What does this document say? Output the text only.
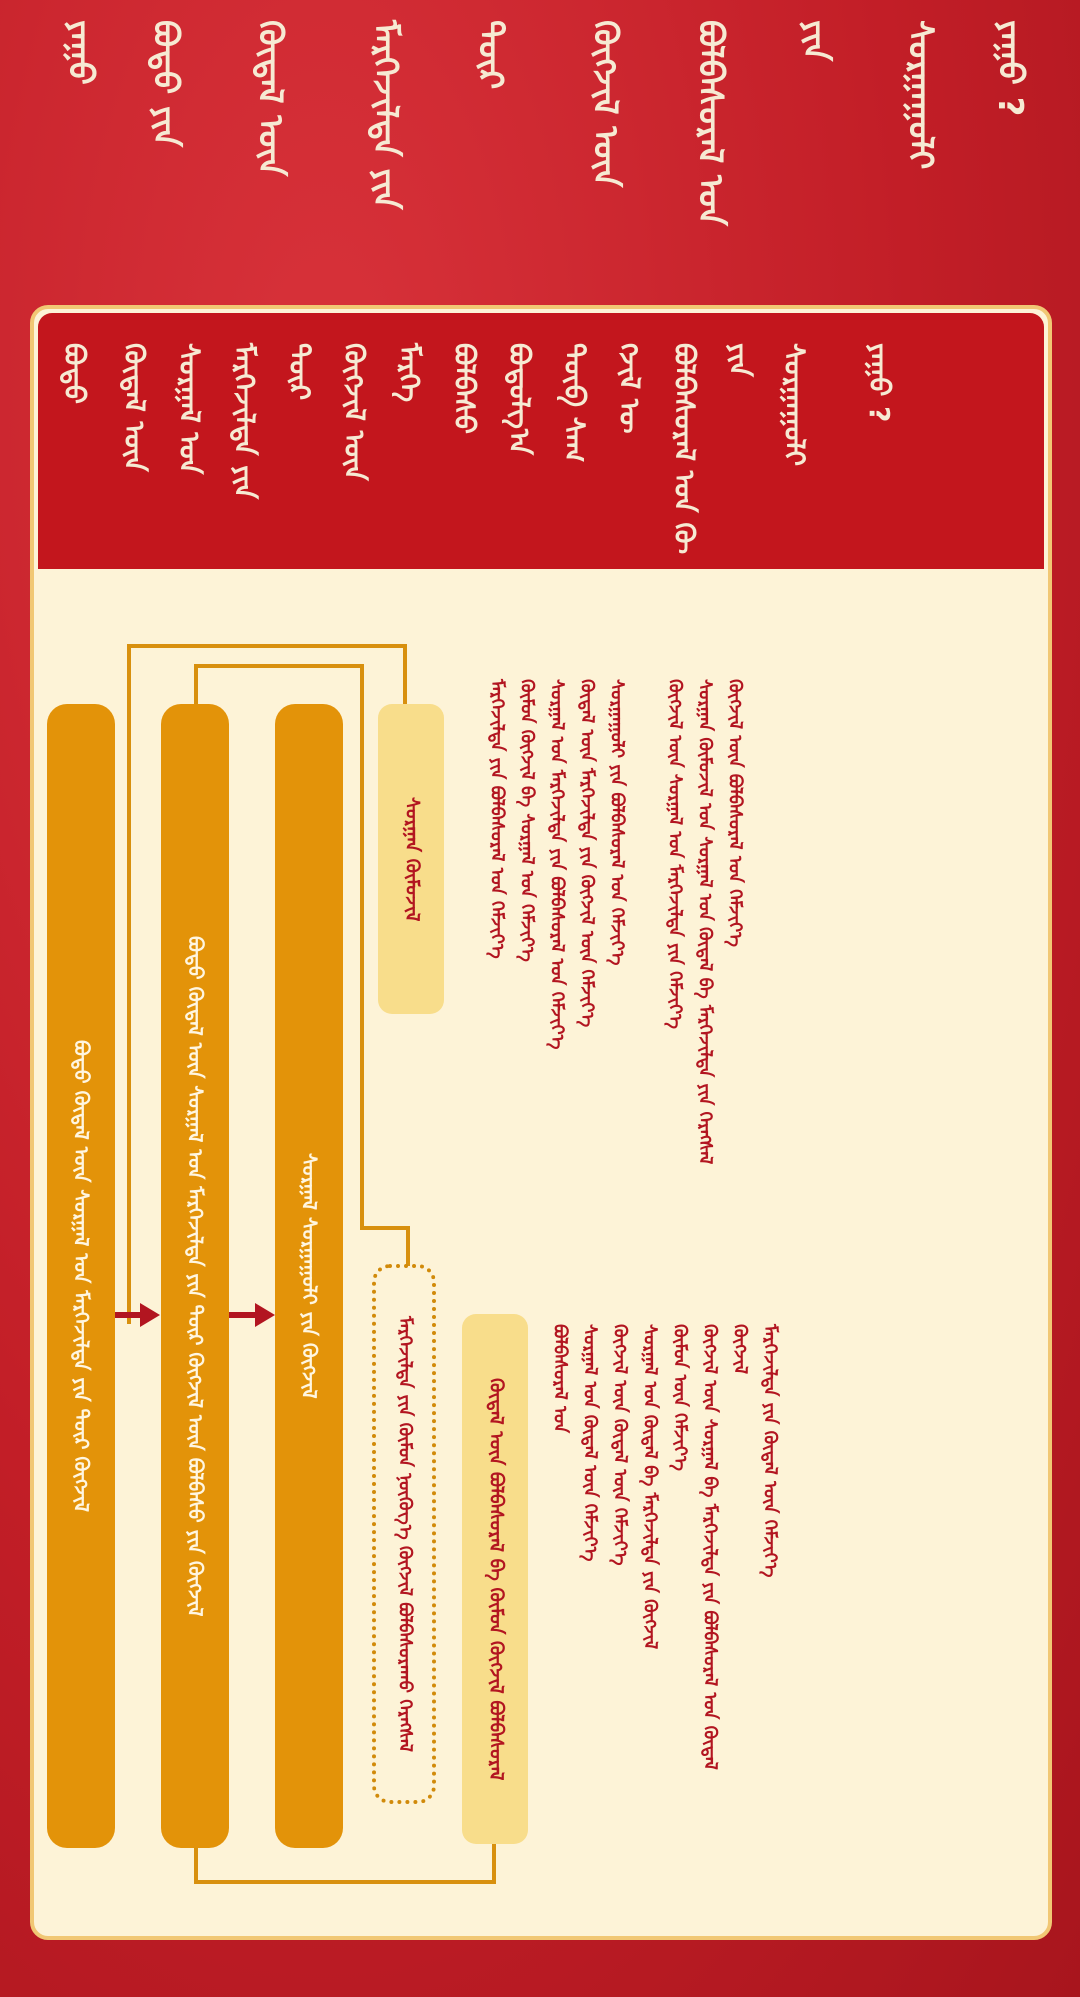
ᠶᠠᠭᠤ ᠪᠣᠳᠣ ᠶᠢᠨ ᠬᠥᠲᠡᠯ ᠦᠨ ᠮᠡᠷᠭᠡᠵᠢᠯᠲᠡ ᠶᠢᠨ ᠲᠦᠷ ᠬᠥᠭᠵᠢᠯ ᠦᠨ ᠪᠣᠯᠪᠠᠰᠤᠷᠠᠯ ᠤᠨ ᠶᠢᠨ ᠰᠤᠷᠭᠠᠭᠤᠯᠢ ᠶᠠᠭᠤ ?
ᠪᠣᠳᠣ ᠬᠥᠲᠡᠯ ᠦᠨ ᠰᠤᠷᠭᠠᠯ ᠤᠨ ᠮᠡᠷᠭᠡᠵᠢᠯᠲᠡ ᠶᠢᠨ ᠲᠦᠷ ᠬᠥᠭᠵᠢᠯ ᠦᠨ ᠮᠡᠷᠭᠡ ᠪᠣᠯᠪᠠᠰᠤ ᠪᠤᠳᠤᠯᠭ᠎ᠠ ᠲᠦᠪ ᠰᠠᠭ ᠭᠵᠢᠯ ᠦ ᠪᠣᠯᠪᠠᠰᠤᠷᠠᠯ ᠤᠨ ᠬᠥ ᠶᠢᠨ ᠰᠤᠷᠭᠠᠭᠤᠯᠢ ᠶᠠᠭᠤ ?
ᠪᠣᠳᠣ ᠬᠥᠲᠡᠯ ᠦᠨ ᠰᠤᠷᠭᠠᠯ ᠤᠨ ᠮᠡᠷᠭᠡᠵᠢᠯᠲᠡ ᠶᠢᠨ ᠲᠦᠷ ᠬᠥᠭᠵᠢᠯ	ᠪᠣᠳᠣ ᠬᠥᠲᠡᠯ ᠦᠨ ᠰᠤᠷᠭᠠᠯ ᠤᠨ ᠮᠡᠷᠭᠡᠵᠢᠯᠲᠡ ᠶᠢᠨ ᠲᠦᠷ ᠬᠥᠭᠵᠢᠯ ᠦᠨ ᠪᠣᠯᠪᠠᠰᠤ ᠶᠢᠨ ᠬᠥᠭᠵᠢᠯ	ᠰᠤᠷᠭᠠᠯ ᠰᠤᠷᠭᠠᠭᠤᠯᠢ ᠶᠢᠨ ᠬᠥᠭᠵᠢᠯ
ᠰᠤᠷᠭᠠᠨ ᠬᠥᠮᠦᠵᠢᠯ
ᠮᠡᠷᠭᠡᠵᠢᠯᠲᠡ ᠶᠢᠨ ᠬᠥᠮᠦᠨ ᠨᠥᠭᠦᠭ᠎ᠡ ᠬᠥᠭᠵᠢᠯ ᠪᠣᠯᠪᠠᠰᠤᠷᠠᠬᠤ ᠬᠡᠷᠡᠭᠰᠡᠯ	ᠬᠥᠲᠡᠯ ᠦᠨ ᠪᠣᠯᠪᠠᠰᠤᠷᠠᠯ ᠪᠠ ᠬᠥᠮᠦᠨ ᠬᠥᠭᠵᠢᠯ ᠪᠣᠯᠪᠠᠰᠤᠷᠠᠯ
ᠮᠡᠷᠭᠡᠵᠢᠯᠲᠡ ᠶᠢᠨ ᠪᠣᠯᠪᠠᠰᠤᠷᠠᠯ ᠤᠨ ᠬᠡᠮᠵᠢᠶ᠎ᠡ ᠬᠥᠮᠦᠨ ᠬᠥᠭᠵᠢᠯ ᠪᠠ ᠰᠤᠷᠭᠠᠯ ᠤᠨ ᠬᠡᠮᠵᠢᠶ᠎ᠡ ᠰᠤᠷᠭᠠᠯ ᠤᠨ ᠮᠡᠷᠭᠡᠵᠢᠯᠲᠡ ᠶᠢᠨ ᠪᠣᠯᠪᠠᠰᠤᠷᠠᠯ ᠤᠨ ᠬᠡᠮᠵᠢᠶ᠎ᠡ ᠬᠥᠲᠡᠯ ᠦᠨ ᠮᠡᠷᠭᠡᠵᠢᠯᠲᠡ ᠶᠢᠨ ᠬᠥᠭᠵᠢᠯ ᠦᠨ ᠬᠡᠮᠵᠢᠶ᠎ᠡ ᠰᠤᠷᠭᠠᠭᠤᠯᠢ ᠶᠢᠨ ᠪᠣᠯᠪᠠᠰᠤᠷᠠᠯ ᠤᠨ ᠬᠡᠮᠵᠢᠶ᠎ᠡ ᠬᠥᠭᠵᠢᠯ ᠦᠨ ᠰᠤᠷᠭᠠᠯ ᠤᠨ ᠮᠡᠷᠭᠡᠵᠢᠯᠲᠡ ᠶᠢᠨ ᠬᠡᠮᠵᠢᠶ᠎ᠡ ᠰᠤᠷᠭᠠᠨ ᠬᠥᠮᠦᠵᠢᠯ ᠤᠨ ᠰᠤᠷᠭᠠᠯ ᠤᠨ ᠬᠥᠲᠡᠯ ᠪᠠ ᠮᠡᠷᠭᠡᠵᠢᠯᠲᠡ ᠶᠢᠨ ᠬᠡᠷᠡᠭᠰᠡᠯ ᠬᠥᠭᠵᠢᠯ ᠦᠨ ᠪᠣᠯᠪᠠᠰᠤᠷᠠᠯ ᠤᠨ ᠬᠡᠮᠵᠢᠶ᠎ᠡ
ᠪᠣᠯᠪᠠᠰᠤᠷᠠᠯ ᠤᠨ ᠰᠤᠷᠭᠠᠯ ᠤᠨ ᠬᠥᠲᠡᠯ ᠦᠨ ᠬᠡᠮᠵᠢᠶ᠎ᠡ ᠬᠥᠭᠵᠢᠯ ᠦᠨ ᠬᠥᠲᠡᠯ ᠦᠨ ᠬᠡᠮᠵᠢᠶ᠎ᠡ ᠰᠤᠷᠭᠠᠯ ᠤᠨ ᠬᠥᠲᠡᠯ ᠪᠠ ᠮᠡᠷᠭᠡᠵᠢᠯᠲᠡ ᠶᠢᠨ ᠬᠥᠭᠵᠢᠯ ᠬᠥᠮᠦᠨ ᠦᠨ ᠬᠡᠮᠵᠢᠶ᠎ᠡ ᠬᠥᠭᠵᠢᠯ ᠦᠨ ᠰᠤᠷᠭᠠᠯ ᠪᠠ ᠮᠡᠷᠭᠡᠵᠢᠯᠲᠡ ᠶᠢᠨ ᠪᠣᠯᠪᠠᠰᠤᠷᠠᠯ ᠤᠨ ᠬᠥᠲᠡᠯ ᠬᠥᠭᠵᠢᠯ ᠮᠡᠷᠭᠡᠵᠢᠯᠲᠡ ᠶᠢᠨ ᠬᠥᠲᠡᠯ ᠦᠨ ᠬᠡᠮᠵᠢᠶ᠎ᠡ
